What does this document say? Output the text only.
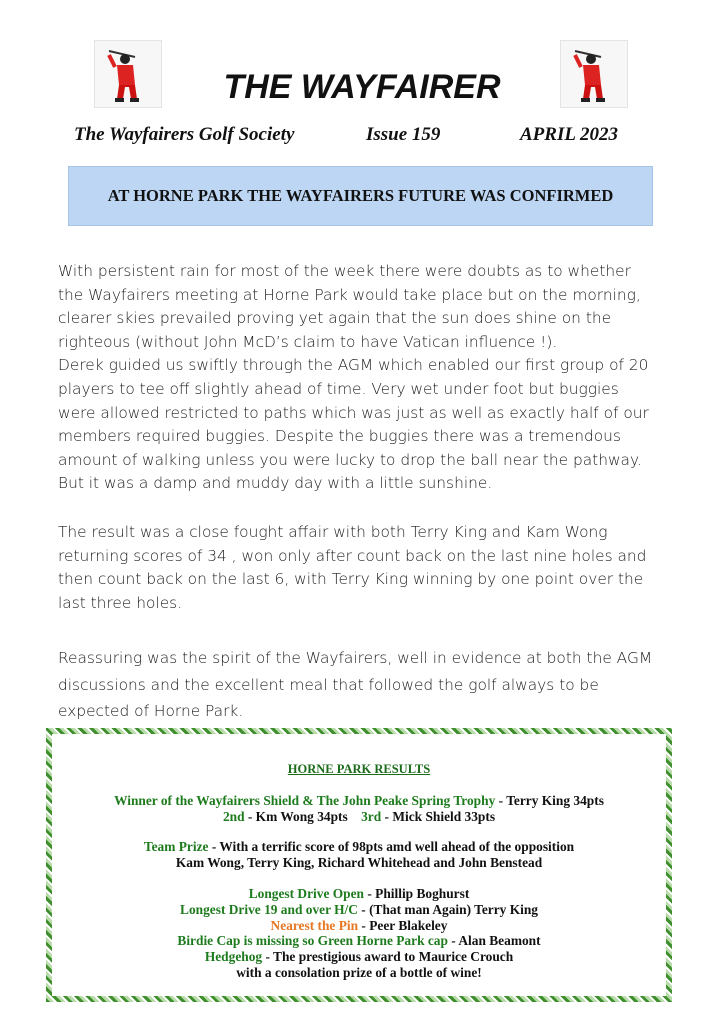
THE WAYFAIRER
The Wayfairers Golf Society	Issue 159	APRIL 2023
AT HORNE PARK THE WAYFAIRERS FUTURE WAS CONFIRMED

With persistent rain for most of the week there were doubts as to whether

the Wayfairers meeting at Horne Park would take place but on the morning,

clearer skies prevailed proving yet again that the sun does shine on the

righteous (without John McD’s claim to have Vatican influence !).

Derek guided us swiftly through the AGM which enabled our first group of 20

players to tee off slightly ahead of time. Very wet under foot but buggies

were allowed restricted to paths which was just as well as exactly half of our

members required buggies. Despite the buggies there was a tremendous

amount of walking unless you were lucky to drop the ball near the pathway.

But it was a damp and muddy day with a little sunshine.

The result was a close fought affair with both Terry King and Kam Wong

returning scores of 34 , won only after count back on the last nine holes and

then count back on the last 6, with Terry King winning by one point over the

last three holes.

Reassuring was the spirit of the Wayfairers, well in evidence at both the AGM

discussions and the excellent meal that followed the golf always to be

expected of Horne Park.

HORNE PARK RESULTS
Winner of the Wayfairers Shield & The John Peake Spring Trophy - Terry King 34pts
2nd - Km Wong 34pts 3rd - Mick Shield 33pts
Team Prize - With a terrific score of 98pts amd well ahead of the opposition
Kam Wong, Terry King, Richard Whitehead and John Benstead
Longest Drive Open - Phillip Boghurst
Longest Drive 19 and over H/C - (That man Again) Terry King
Nearest the Pin - Peer Blakeley
Birdie Cap is missing so Green Horne Park cap - Alan Beamont
Hedgehog - The prestigious award to Maurice Crouch
with a consolation prize of a bottle of wine!
